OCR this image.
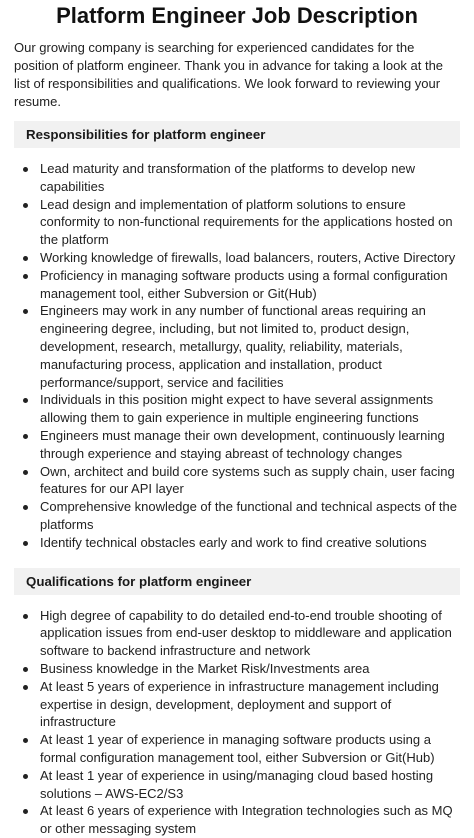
Platform Engineer Job Description

Our growing company is searching for experienced candidates for the position of platform engineer. Thank you in advance for taking a look at the list of responsibilities and qualifications. We look forward to reviewing your resume.

Responsibilities for platform engineer
Lead maturity and transformation of the platforms to develop new capabilities
Lead design and implementation of platform solutions to ensure conformity to non-functional requirements for the applications hosted on the platform
Working knowledge of firewalls, load balancers, routers, Active Directory
Proficiency in managing software products using a formal configuration management tool, either Subversion or Git(Hub)
Engineers may work in any number of functional areas requiring an engineering degree, including, but not limited to, product design, development, research, metallurgy, quality, reliability, materials, manufacturing process, application and installation, product performance/support, service and facilities
Individuals in this position might expect to have several assignments allowing them to gain experience in multiple engineering functions
Engineers must manage their own development, continuously learning through experience and staying abreast of technology changes
Own, architect and build core systems such as supply chain, user facing features for our API layer
Comprehensive knowledge of the functional and technical aspects of the platforms
Identify technical obstacles early and work to find creative solutions
Qualifications for platform engineer
High degree of capability to do detailed end-to-end trouble shooting of application issues from end-user desktop to middleware and application software to backend infrastructure and network
Business knowledge in the Market Risk/Investments area
At least 5 years of experience in infrastructure management including expertise in design, development, deployment and support of infrastructure
At least 1 year of experience in managing software products using a formal configuration management tool, either Subversion or Git(Hub)
At least 1 year of experience in using/managing cloud based hosting solutions – AWS-EC2/S3
At least 6 years of experience with Integration technologies such as MQ or other messaging system
